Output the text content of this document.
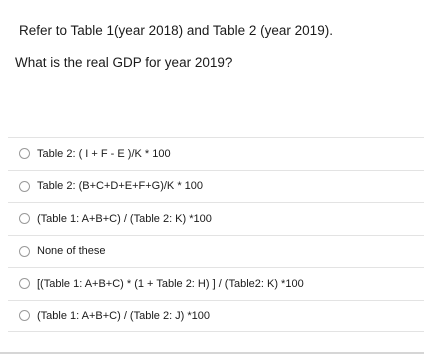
Refer to Table 1(year 2018) and Table 2 (year 2019).
What is the real GDP for year 2019?
Table 2: ( I + F - E )/K * 100
Table 2: (B+C+D+E+F+G)/K * 100
(Table 1: A+B+C) / (Table 2: K) *100
None of these
[(Table 1: A+B+C) * (1 + Table 2: H) ] / (Table2: K) *100
(Table 1: A+B+C) / (Table 2: J) *100
